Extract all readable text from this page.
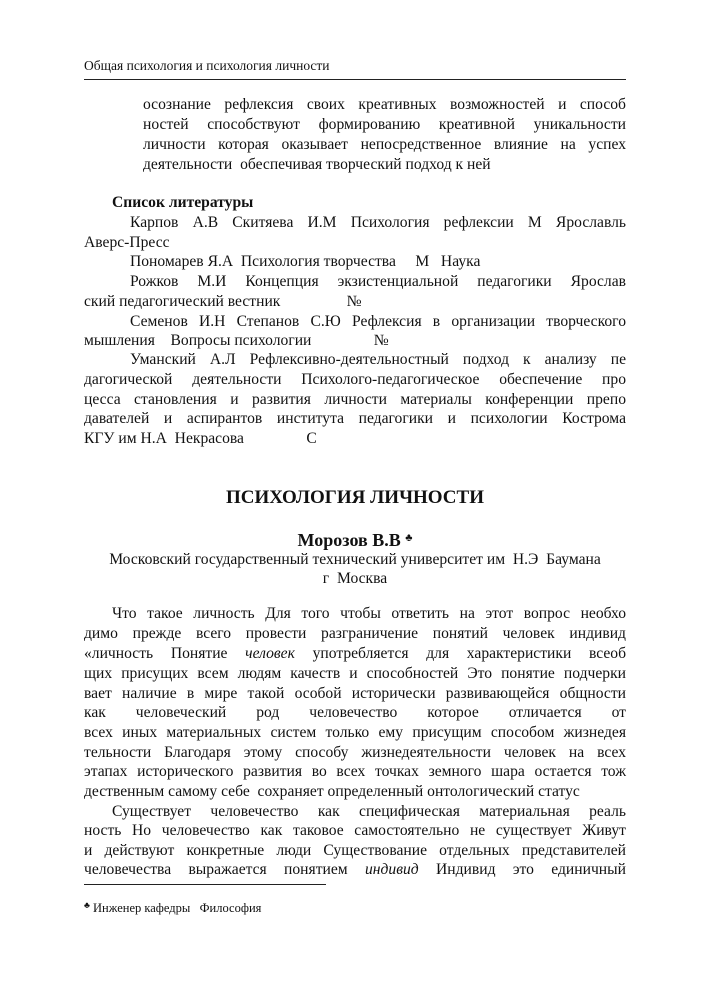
Общая психология и психология личности
осознание рефлексия своих креативных возможностей и способ
ностей способствуют формированию креативной уникальности
личности которая оказывает непосредственное влияние на успех
деятельности  обеспечивая творческий подход к ней
Список литературы
Карпов А.В Скитяева И.М Психология рефлексии М Ярославль
Аверс-Пресс
Пономарев Я.А  Психология творчества     М   Наука
Рожков М.И Концепция экзистенциальной педагогики Ярослав
ский педагогический вестник                 №
Семенов И.Н Степанов С.Ю Рефлексия в организации творческого
мышления    Вопросы психологии                №
Уманский А.Л Рефлексивно-деятельностный подход к анализу пе
дагогической деятельности Психолого-педагогическое обеспечение про
цесса становления и развития личности материалы конференции препо
давателей и аспирантов института педагогики и психологии Кострома
КГУ им Н.А  Некрасова                С
ПСИХОЛОГИЯ ЛИЧНОСТИ
Морозов В.В ♣
Московский государственный технический университет им  Н.Э  Баумана
г  Москва
Что такое личность Для того чтобы ответить на этот вопрос необхо
димо прежде всего провести разграничение понятий человек индивид
«личность Понятие человек употребляется для характеристики всеоб
щих присущих всем людям качеств и способностей Это понятие подчерки
вает наличие в мире такой особой исторически развивающейся общности
как человеческий род человечество которое отличается от
всех иных материальных систем только ему присущим способом жизнедея
тельности Благодаря этому способу жизнедеятельности человек на всех
этапах исторического развития во всех точках земного шара остается тож
дественным самому себе  сохраняет определенный онтологический статус
Существует человечество как специфическая материальная реаль
ность Но человечество как таковое самостоятельно не существует Живут
и действуют конкретные люди Существование отдельных представителей
человечества выражается понятием индивид Индивид это единичный
♣ Инженер кафедры   Философия
